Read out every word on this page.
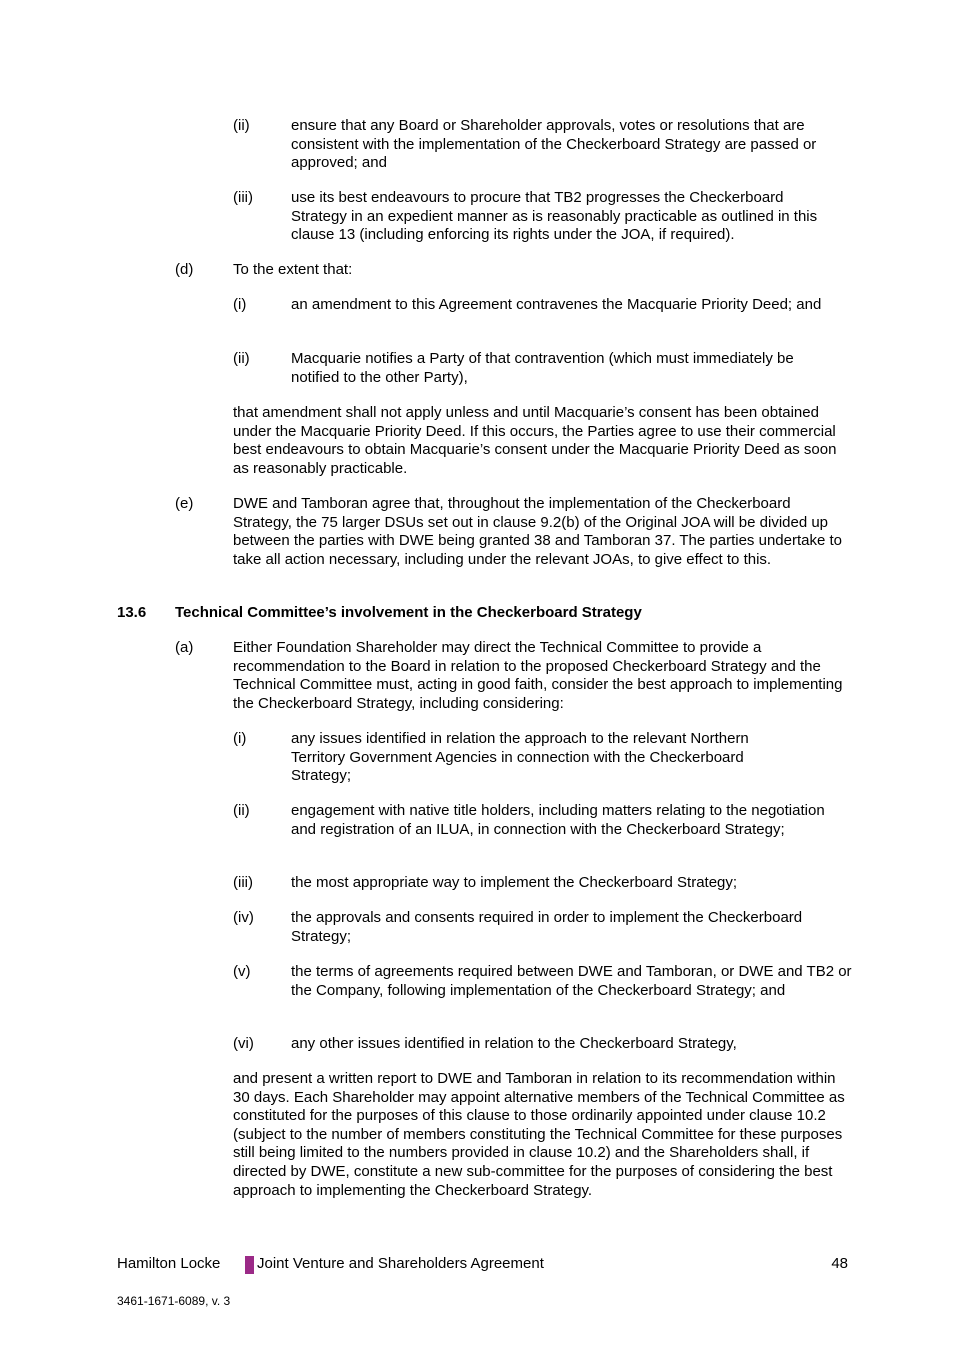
(ii)	ensure that any Board or Shareholder approvals, votes or resolutions that are consistent with the implementation of the Checkerboard Strategy are passed or approved; and
(iii)	use its best endeavours to procure that TB2 progresses the Checkerboard Strategy in an expedient manner as is reasonably practicable as outlined in this clause 13 (including enforcing its rights under the JOA, if required).
(d)	To the extent that:
(i)	an amendment to this Agreement contravenes the Macquarie Priority Deed; and
(ii)	Macquarie notifies a Party of that contravention (which must immediately be notified to the other Party),
that amendment shall not apply unless and until Macquarie’s consent has been obtained under the Macquarie Priority Deed. If this occurs, the Parties agree to use their commercial best endeavours to obtain Macquarie’s consent under the Macquarie Priority Deed as soon as reasonably practicable.
(e)	DWE and Tamboran agree that, throughout the implementation of the Checkerboard Strategy, the 75 larger DSUs set out in clause 9.2(b) of the Original JOA will be divided up between the parties with DWE being granted 38 and Tamboran 37. The parties undertake to take all action necessary, including under the relevant JOAs, to give effect to this.
13.6 Technical Committee’s involvement in the Checkerboard Strategy
(a)	Either Foundation Shareholder may direct the Technical Committee to provide a recommendation to the Board in relation to the proposed Checkerboard Strategy and the Technical Committee must, acting in good faith, consider the best approach to implementing the Checkerboard Strategy, including considering:
(i)	any issues identified in relation the approach to the relevant Northern Territory Government Agencies in connection with the Checkerboard Strategy;
(ii)	engagement with native title holders, including matters relating to the negotiation and registration of an ILUA, in connection with the Checkerboard Strategy;
(iii)	the most appropriate way to implement the Checkerboard Strategy;
(iv) the approvals and consents required in order to implement the Checkerboard Strategy;
(v)	the terms of agreements required between DWE and Tamboran, or DWE and TB2 or the Company, following implementation of the Checkerboard Strategy; and
(vi) any other issues identified in relation to the Checkerboard Strategy,
and present a written report to DWE and Tamboran in relation to its recommendation within 30 days. Each Shareholder may appoint alternative members of the Technical Committee as constituted for the purposes of this clause to those ordinarily appointed under clause 10.2 (subject to the number of members constituting the Technical Committee for these purposes still being limited to the numbers provided in clause 10.2) and the Shareholders shall, if directed by DWE, constitute a new sub-committee for the purposes of considering the best approach to implementing the Checkerboard Strategy.
Hamilton Locke Joint Venture and Shareholders Agreement	48
3461-1671-6089, v. 3
